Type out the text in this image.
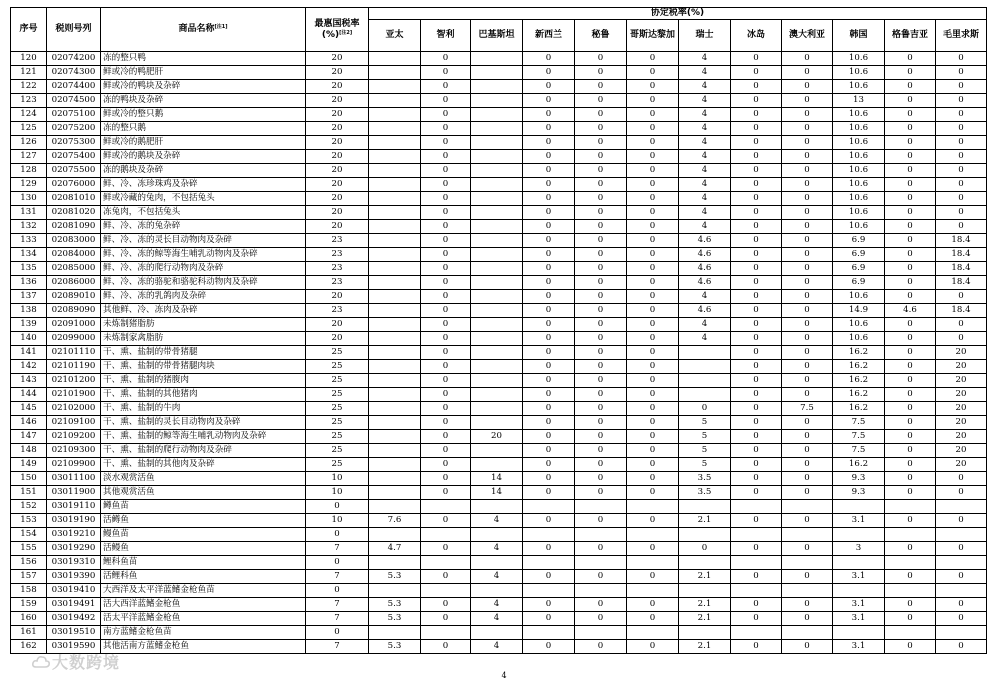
序号	税则号列	商品名称[注1]	最惠国税率(%)[注2]	协定税率(%)											
				亚太	智利	巴基斯坦	新西兰	秘鲁	哥斯达黎加	瑞士	冰岛	澳大利亚	韩国	格鲁吉亚	毛里求斯
120	02074200	冻的整只鸭	20		0		0	0	0	4	0	0	10.6	0	0
121	02074300	鲜或冷的鸭肥肝	20		0		0	0	0	4	0	0	10.6	0	0
122	02074400	鲜或冷的鸭块及杂碎	20		0		0	0	0	4	0	0	10.6	0	0
123	02074500	冻的鸭块及杂碎	20		0		0	0	0	4	0	0	13	0	0
124	02075100	鲜或冷的整只鹅	20		0		0	0	0	4	0	0	10.6	0	0
125	02075200	冻的整只鹅	20		0		0	0	0	4	0	0	10.6	0	0
126	02075300	鲜或冷的鹅肥肝	20		0		0	0	0	4	0	0	10.6	0	0
127	02075400	鲜或冷的鹅块及杂碎	20		0		0	0	0	4	0	0	10.6	0	0
128	02075500	冻的鹅块及杂碎	20		0		0	0	0	4	0	0	10.6	0	0
129	02076000	鲜、冷、冻珍珠鸡及杂碎	20		0		0	0	0	4	0	0	10.6	0	0
130	02081010	鲜或冷藏的兔肉，不包括兔头	20		0		0	0	0	4	0	0	10.6	0	0
131	02081020	冻兔肉，不包括兔头	20		0		0	0	0	4	0	0	10.6	0	0
132	02081090	鲜、冷、冻的兔杂碎	20		0		0	0	0	4	0	0	10.6	0	0
133	02083000	鲜、冷、冻的灵长目动物肉及杂碎	23		0		0	0	0	4.6	0	0	6.9	0	18.4
134	02084000	鲜、冷、冻的鲸等海生哺乳动物肉及杂碎	23		0		0	0	0	4.6	0	0	6.9	0	18.4
135	02085000	鲜、冷、冻的爬行动物肉及杂碎	23		0		0	0	0	4.6	0	0	6.9	0	18.4
136	02086000	鲜、冷、冻的骆驼和骆驼科动物肉及杂碎	23		0		0	0	0	4.6	0	0	6.9	0	18.4
137	02089010	鲜、冷、冻的乳鸽肉及杂碎	20		0		0	0	0	4	0	0	10.6	0	0
138	02089090	其他鲜、冷、冻肉及杂碎	23		0		0	0	0	4.6	0	0	14.9	4.6	18.4
139	02091000	未炼制猪脂肪	20		0		0	0	0	4	0	0	10.6	0	0
140	02099000	未炼制家禽脂肪	20		0		0	0	0	4	0	0	10.6	0	0
141	02101110	干、熏、盐制的带骨猪腿	25		0		0	0	0		0	0	16.2	0	20
142	02101190	干、熏、盐制的带骨猪腿肉块	25		0		0	0	0		0	0	16.2	0	20
143	02101200	干、熏、盐制的猪腹肉	25		0		0	0	0		0	0	16.2	0	20
144	02101900	干、熏、盐制的其他猪肉	25		0		0	0	0		0	0	16.2	0	20
145	02102000	干、熏、盐制的牛肉	25		0		0	0	0	0	0	7.5	16.2	0	20
146	02109100	干、熏、盐制的灵长目动物肉及杂碎	25		0		0	0	0	5	0	0	7.5	0	20
147	02109200	干、熏、盐制的鲸等海生哺乳动物肉及杂碎	25		0	20	0	0	0	5	0	0	7.5	0	20
148	02109300	干、熏、盐制的爬行动物肉及杂碎	25		0		0	0	0	5	0	0	7.5	0	20
149	02109900	干、熏、盐制的其他肉及杂碎	25		0		0	0	0	5	0	0	16.2	0	20
150	03011100	淡水观赏活鱼	10		0	14	0	0	0	3.5	0	0	9.3	0	0
151	03011900	其他观赏活鱼	10		0	14	0	0	0	3.5	0	0	9.3	0	0
152	03019110	鳟鱼苗	0												
153	03019190	活鳟鱼	10	7.6	0	4	0	0	0	2.1	0	0	3.1	0	0
154	03019210	鳗鱼苗	0												
155	03019290	活鳗鱼	7	4.7	0	4	0	0	0	0	0	0	3	0	0
156	03019310	鲤科鱼苗	0												
157	03019390	活鲤科鱼	7	5.3	0	4	0	0	0	2.1	0	0	3.1	0	0
158	03019410	大西洋及太平洋蓝鳍金枪鱼苗	0												
159	03019491	活大西洋蓝鳍金枪鱼	7	5.3	0	4	0	0	0	2.1	0	0	3.1	0	0
160	03019492	活太平洋蓝鳍金枪鱼	7	5.3	0	4	0	0	0	2.1	0	0	3.1	0	0
161	03019510	南方蓝鳍金枪鱼苗	0												
162	03019590	其他活南方蓝鳍金枪鱼	7	5.3	0	4	0	0	0	2.1	0	0	3.1	0	0
4
大数跨境
